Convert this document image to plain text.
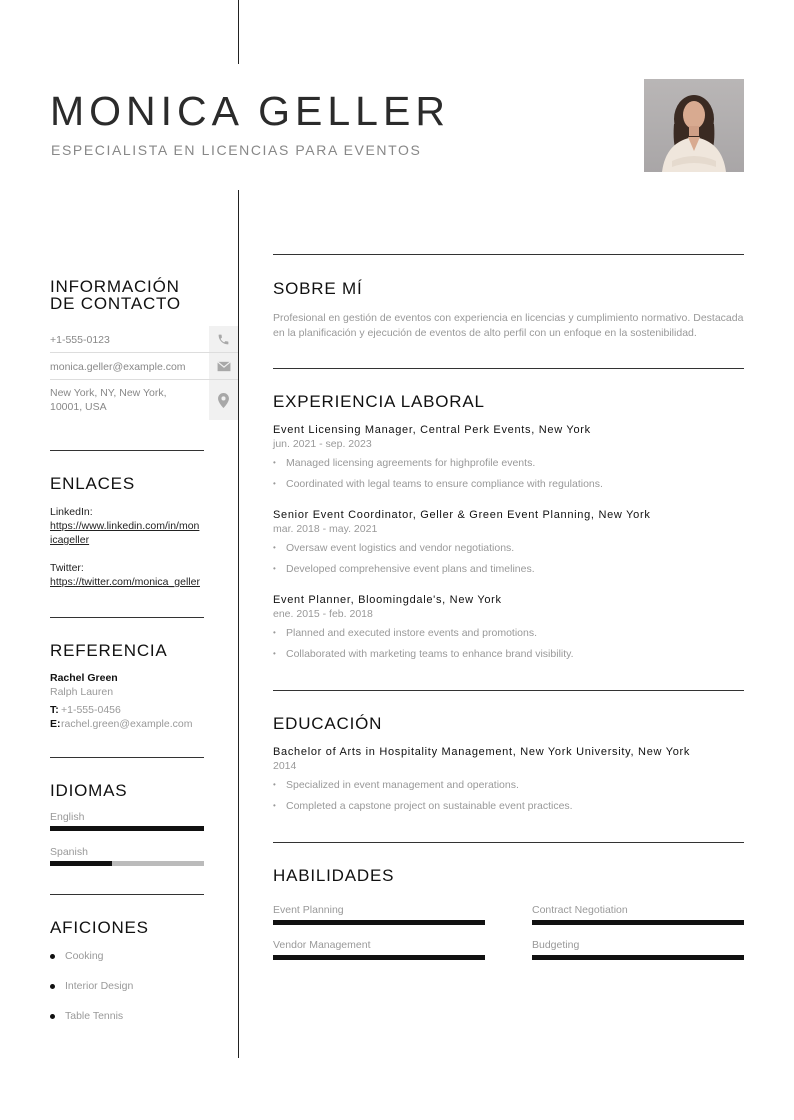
MONICA GELLER
ESPECIALISTA EN LICENCIAS PARA EVENTOS
INFORMACIÓN
DE CONTACTO
+1-555-0123
monica.geller@example.com
New York, NY, New York,
10001, USA
ENLACES
LinkedIn:
https://www.linkedin.com/in/monicageller
Twitter:
https://twitter.com/monica_geller
REFERENCIA
Rachel Green
Ralph Lauren
T: +1-555-0456
E: rachel.green@example.com
IDIOMAS
English
Spanish
AFICIONES
Cooking
Interior Design
Table Tennis
SOBRE MÍ
Profesional en gestión de eventos con experiencia en licencias y cumplimiento normativo. Destacada en la planificación y ejecución de eventos de alto perfil con un enfoque en la sostenibilidad.
EXPERIENCIA LABORAL
Event Licensing Manager, Central Perk Events, New York
jun. 2021 - sep. 2023
• Managed licensing agreements for highprofile events.
• Coordinated with legal teams to ensure compliance with regulations.
Senior Event Coordinator, Geller & Green Event Planning, New York
mar. 2018 - may. 2021
• Oversaw event logistics and vendor negotiations.
• Developed comprehensive event plans and timelines.
Event Planner, Bloomingdale's, New York
ene. 2015 - feb. 2018
• Planned and executed instore events and promotions.
• Collaborated with marketing teams to enhance brand visibility.
EDUCACIÓN
Bachelor of Arts in Hospitality Management, New York University, New York
2014
• Specialized in event management and operations.
• Completed a capstone project on sustainable event practices.
HABILIDADES
Event Planning	Contract Negotiation
Vendor Management	Budgeting
